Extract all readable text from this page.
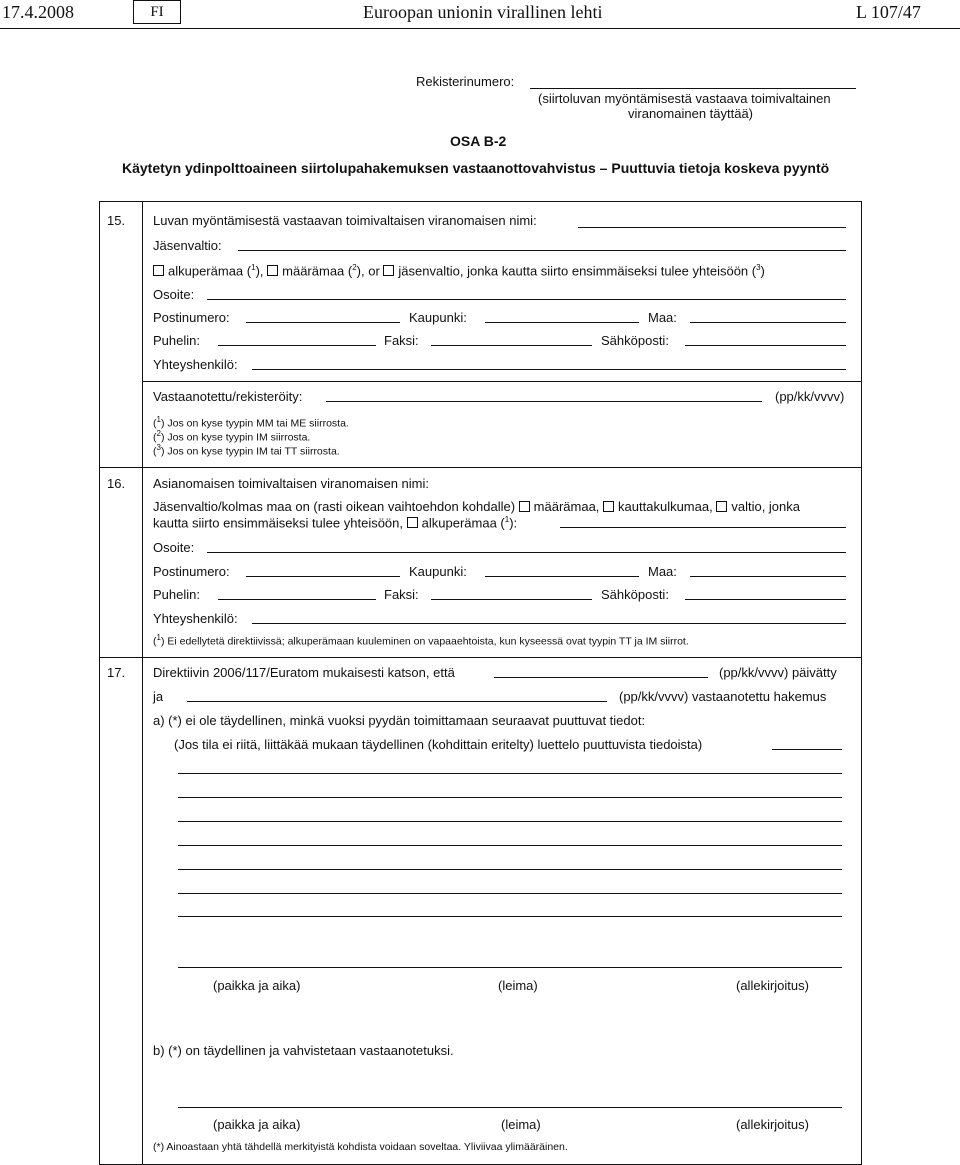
17.4.2008	FI	Euroopan unionin virallinen lehti	L 107/47
Rekisterinumero:
(siirtoluvan myöntämisestä vastaava toimivaltainen
viranomainen täyttää)
OSA B-2
Käytetyn ydinpolttoaineen siirtolupahakemuksen vastaanottovahvistus – Puuttuvia tietoja koskeva pyyntö
15. Luvan myöntämisestä vastaavan toimivaltaisen viranomaisen nimi:
Jäsenvaltio:
alkuperämaa ($^1$), määrämaa ($^2$), or jäsenvaltio, jonka kautta siirto ensimmäiseksi tulee yhteisöön ($^3$)
Osoite:
Postinumero:	Kaupunki:	Maa:
Puhelin:	Faksi:	Sähköposti:
Yhteyshenkilö:
Vastaanotettu/rekisteröity:	(pp/kk/vvvv)
($^1$) Jos on kyse tyypin MM tai ME siirrosta.
($^2$) Jos on kyse tyypin IM siirrosta.
($^3$) Jos on kyse tyypin IM tai TT siirrosta.
16. Asianomaisen toimivaltaisen viranomaisen nimi:
Jäsenvaltio/kolmas maa on (rasti oikean vaihtoehdon kohdalle) määrämaa, kauttakulkumaa, valtio, jonka
kautta siirto ensimmäiseksi tulee yhteisöön, alkuperämaa ($^1$):
Osoite:
Postinumero:	Kaupunki:	Maa:
Puhelin:	Faksi:	Sähköposti:
Yhteyshenkilö:
($^1$) Ei edellytetä direktiivissä; alkuperämaan kuuleminen on vapaaehtoista, kun kyseessä ovat tyypin TT ja IM siirrot.
17. Direktiivin 2006/117/Euratom mukaisesti katson, että	(pp/kk/vvvv) päivätty
ja	(pp/kk/vvvv) vastaanotettu hakemus
a) (*) ei ole täydellinen, minkä vuoksi pyydän toimittamaan seuraavat puuttuvat tiedot:
(Jos tila ei riitä, liittäkää mukaan täydellinen (kohdittain eritelty) luettelo puuttuvista tiedoista)
(paikka ja aika)	(leima)	(allekirjoitus)
b) (*) on täydellinen ja vahvistetaan vastaanotetuksi.
(paikka ja aika)	(leima)	(allekirjoitus)
(*) Ainoastaan yhtä tähdellä merkityistä kohdista voidaan soveltaa. Yliviivaa ylimääräinen.
